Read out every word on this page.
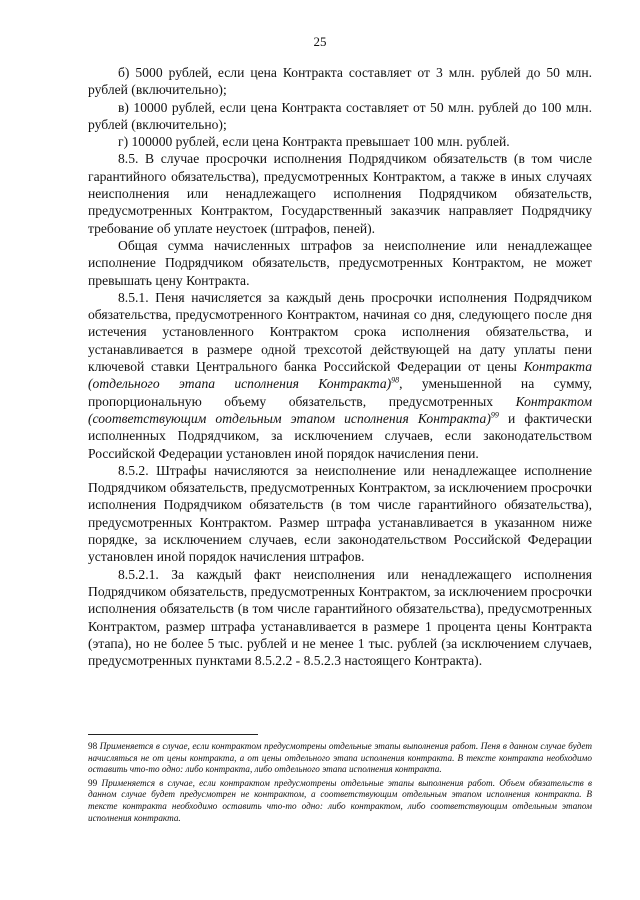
25

б) 5000 рублей, если цена Контракта составляет от 3 млн. рублей до 50 млн. рублей (включительно);

в) 10000 рублей, если цена Контракта составляет от 50 млн. рублей до 100 млн. рублей (включительно);

г) 100000 рублей, если цена Контракта превышает 100 млн. рублей.

8.5. В случае просрочки исполнения Подрядчиком обязательств (в том числе гарантийного обязательства), предусмотренных Контрактом, а также в иных случаях неисполнения или ненадлежащего исполнения Подрядчиком обязательств, предусмотренных Контрактом, Государственный заказчик направляет Подрядчику требование об уплате неустоек (штрафов, пеней).

Общая сумма начисленных штрафов за неисполнение или ненадлежащее исполнение Подрядчиком обязательств, предусмотренных Контрактом, не может превышать цену Контракта.

8.5.1. Пеня начисляется за каждый день просрочки исполнения Подрядчиком обязательства, предусмотренного Контрактом, начиная со дня, следующего после дня истечения установленного Контрактом срока исполнения обязательства, и устанавливается в размере одной трехсотой действующей на дату уплаты пени ключевой ставки Центрального банка Российской Федерации от цены Контракта (отдельного этапа исполнения Контракта)$^{98}$, уменьшенной на сумму, пропорциональную объему обязательств, предусмотренных Контрактом (соответствующим отдельным этапом исполнения Контракта)$^{99}$ и фактически исполненных Подрядчиком, за исключением случаев, если законодательством Российской Федерации установлен иной порядок начисления пени.

8.5.2. Штрафы начисляются за неисполнение или ненадлежащее исполнение Подрядчиком обязательств, предусмотренных Контрактом, за исключением просрочки исполнения Подрядчиком обязательств (в том числе гарантийного обязательства), предусмотренных Контрактом. Размер штрафа устанавливается в указанном ниже порядке, за исключением случаев, если законодательством Российской Федерации установлен иной порядок начисления штрафов.

8.5.2.1. За каждый факт неисполнения или ненадлежащего исполнения Подрядчиком обязательств, предусмотренных Контрактом, за исключением просрочки исполнения обязательств (в том числе гарантийного обязательства), предусмотренных Контрактом, размер штрафа устанавливается в размере 1 процента цены Контракта (этапа), но не более 5 тыс. рублей и не менее 1 тыс. рублей (за исключением случаев, предусмотренных пунктами 8.5.2.2 - 8.5.2.3 настоящего Контракта).

98 Применяется в случае, если контрактом предусмотрены отдельные этапы выполнения работ. Пеня в данном случае будет начисляться не от цены контракта, а от цены отдельного этапа исполнения контракта. В тексте контракта необходимо оставить что-то одно: либо контракта, либо отдельного этапа исполнения контракта.

99 Применяется в случае, если контрактом предусмотрены отдельные этапы выполнения работ. Объем обязательств в данном случае будет предусмотрен не контрактом, а соответствующим отдельным этапом исполнения контракта. В тексте контракта необходимо оставить что-то одно: либо контрактом, либо соответствующим отдельным этапом исполнения контракта.
